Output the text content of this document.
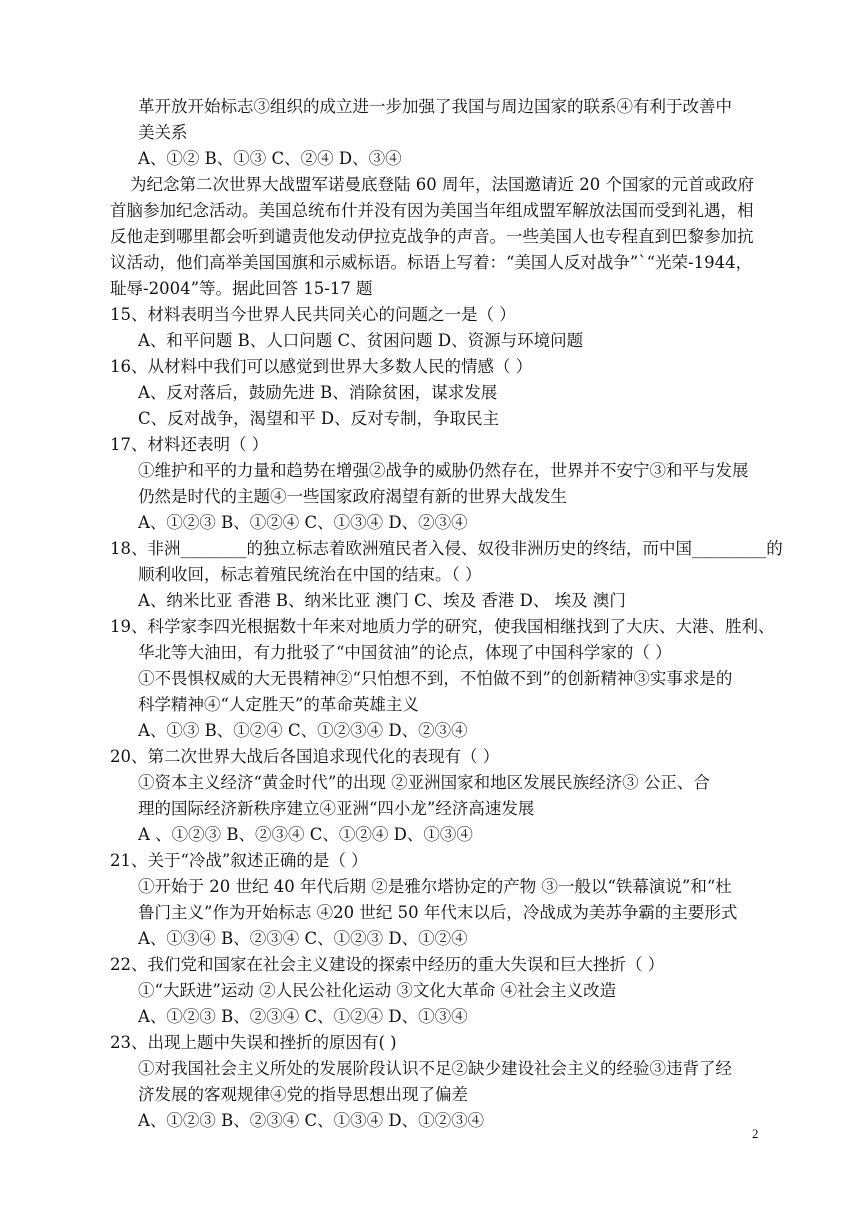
革开放开始标志③组织的成立进一步加强了我国与周边国家的联系④有利于改善中
美关系
A、①② B、①③ C、②④ D、③④
为纪念第二次世界大战盟军诺曼底登陆 60 周年，法国邀请近 20 个国家的元首或政府
首脑参加纪念活动。美国总统布什并没有因为美国当年组成盟军解放法国而受到礼遇，相
反他走到哪里都会听到谴责他发动伊拉克战争的声音。一些美国人也专程直到巴黎参加抗
议活动，他们高举美国国旗和示威标语。标语上写着：“美国人反对战争”`“光荣-1944，
耻辱-2004”等。据此回答 15-17 题
15、材料表明当今世界人民共同关心的问题之一是（ ）
A、和平问题 B、人口问题 C、贫困问题 D、资源与环境问题
16、从材料中我们可以感觉到世界大多数人民的情感（ ）
A、反对落后，鼓励先进 B、消除贫困，谋求发展
C、反对战争，渴望和平 D、反对专制，争取民主
17、材料还表明（ ）
①维护和平的力量和趋势在增强②战争的威胁仍然存在，世界并不安宁③和平与发展
仍然是时代的主题④一些国家政府渴望有新的世界大战发生
A、①②③ B、①②④ C、①③④ D、②③④
18、非洲________的独立标志着欧洲殖民者入侵、奴役非洲历史的终结，而中国_________的
顺利收回，标志着殖民统治在中国的结束。（ ）
A、纳米比亚 香港 B、纳米比亚 澳门 C、埃及 香港 D、 埃及 澳门
19、科学家李四光根据数十年来对地质力学的研究，使我国相继找到了大庆、大港、胜利、
华北等大油田，有力批驳了“中国贫油”的论点，体现了中国科学家的（ ）
①不畏惧权威的大无畏精神②“只怕想不到，不怕做不到”的创新精神③实事求是的
科学精神④“人定胜天”的革命英雄主义
A、①③ B、①②④ C、①②③④ D、②③④
20、第二次世界大战后各国追求现代化的表现有（ ）
①资本主义经济“黄金时代”的出现 ②亚洲国家和地区发展民族经济③ 公正、合
理的国际经济新秩序建立④亚洲“四小龙”经济高速发展
A 、①②③ B、②③④ C、①②④ D、①③④
21、关于“冷战”叙述正确的是（ ）
①开始于 20 世纪 40 年代后期 ②是雅尔塔协定的产物 ③一般以“铁幕演说”和“杜
鲁门主义”作为开始标志 ④20 世纪 50 年代末以后，冷战成为美苏争霸的主要形式
A、①③④ B、②③④ C、①②③ D、①②④
22、我们党和国家在社会主义建设的探索中经历的重大失误和巨大挫折（ ）
①“大跃进”运动 ②人民公社化运动 ③文化大革命 ④社会主义改造
A、①②③ B、②③④ C、①②④ D、①③④
23、出现上题中失误和挫折的原因有( )
①对我国社会主义所处的发展阶段认识不足②缺少建设社会主义的经验③违背了经
济发展的客观规律④党的指导思想出现了偏差
A、①②③ B、②③④ C、①③④ D、①②③④
2
